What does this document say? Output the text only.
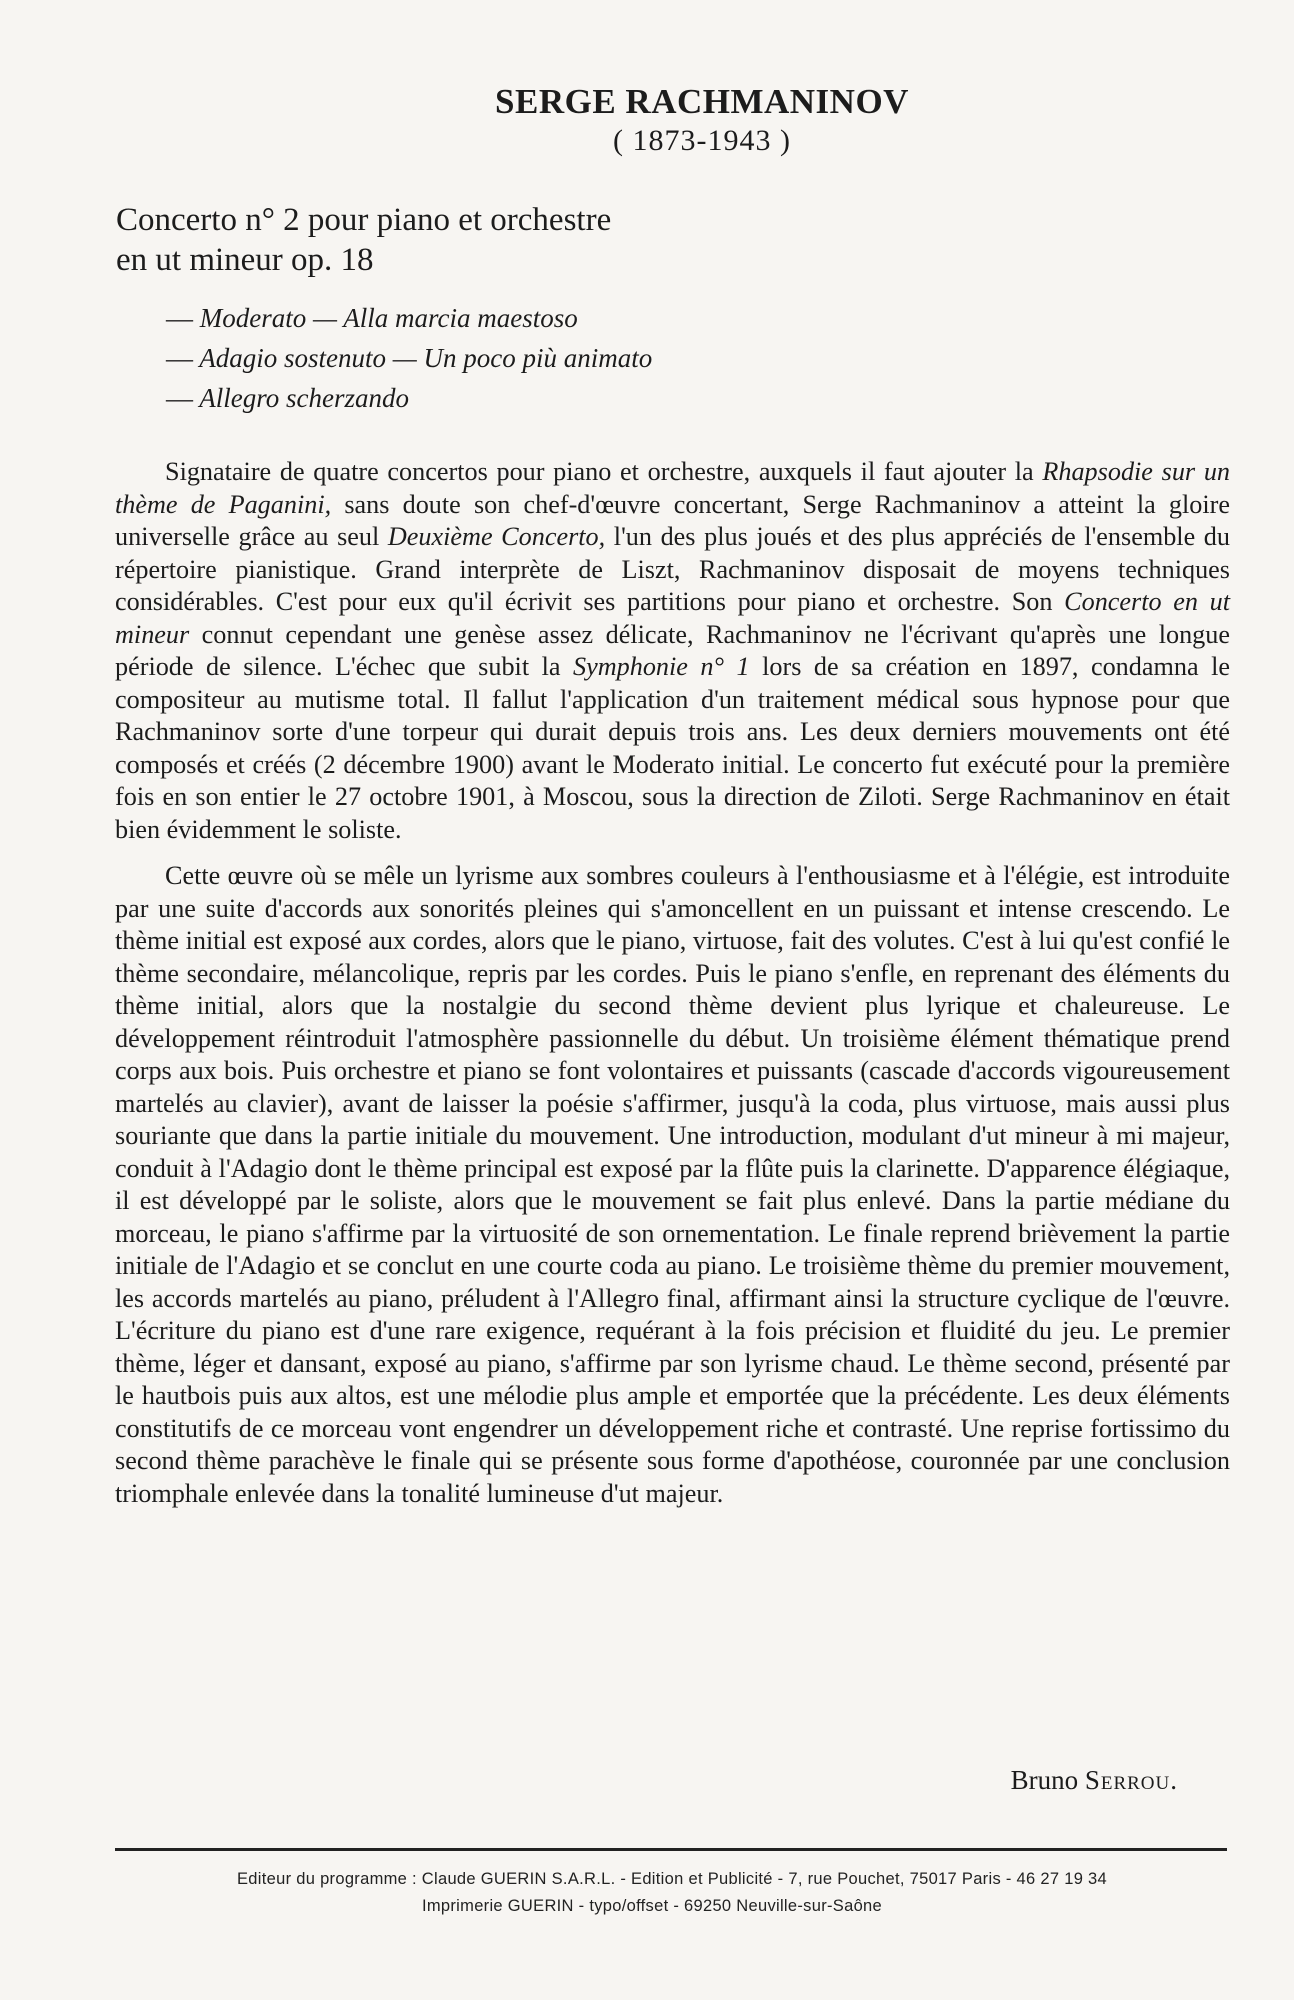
SERGE RACHMANINOV
( 1873-1943 )
Concerto n° 2 pour piano et orchestre
en ut mineur op. 18
— Moderato — Alla marcia maestoso
— Adagio sostenuto — Un poco più animato
— Allegro scherzando

Signataire de quatre concertos pour piano et orchestre, auxquels il faut ajouter la Rhapsodie sur un thème de Paganini, sans doute son chef-d'œuvre concertant, Serge Rachmaninov a atteint la gloire universelle grâce au seul Deuxième Concerto, l'un des plus joués et des plus appréciés de l'ensemble du répertoire pianistique. Grand interprète de Liszt, Rachmaninov disposait de moyens techniques considérables. C'est pour eux qu'il écrivit ses partitions pour piano et orchestre. Son Concerto en ut mineur connut cependant une genèse assez délicate, Rachmaninov ne l'écrivant qu'après une longue période de silence. L'échec que subit la Symphonie n° 1 lors de sa création en 1897, condamna le compositeur au mutisme total. Il fallut l'application d'un traitement médical sous hypnose pour que Rachmaninov sorte d'une torpeur qui durait depuis trois ans. Les deux derniers mouvements ont été composés et créés (2 décembre 1900) avant le Moderato initial. Le concerto fut exécuté pour la première fois en son entier le 27 octobre 1901, à Moscou, sous la direction de Ziloti. Serge Rachmaninov en était bien évidemment le soliste.

Cette œuvre où se mêle un lyrisme aux sombres couleurs à l'enthousiasme et à l'élégie, est introduite par une suite d'accords aux sonorités pleines qui s'amoncellent en un puissant et intense crescendo. Le thème initial est exposé aux cordes, alors que le piano, virtuose, fait des volutes. C'est à lui qu'est confié le thème secondaire, mélancolique, repris par les cordes. Puis le piano s'enfle, en reprenant des éléments du thème initial, alors que la nostalgie du second thème devient plus lyrique et chaleureuse. Le développement réintroduit l'atmosphère passionnelle du début. Un troisième élément thématique prend corps aux bois. Puis orchestre et piano se font volontaires et puissants (cascade d'accords vigoureusement martelés au clavier), avant de laisser la poésie s'affirmer, jusqu'à la coda, plus virtuose, mais aussi plus souriante que dans la partie initiale du mouvement. Une introduction, modulant d'ut mineur à mi majeur, conduit à l'Adagio dont le thème principal est exposé par la flûte puis la clarinette. D'apparence élégiaque, il est développé par le soliste, alors que le mouvement se fait plus enlevé. Dans la partie médiane du morceau, le piano s'affirme par la virtuosité de son ornementation. Le finale reprend brièvement la partie initiale de l'Adagio et se conclut en une courte coda au piano. Le troisième thème du premier mouvement, les accords martelés au piano, préludent à l'Allegro final, affirmant ainsi la structure cyclique de l'œuvre. L'écriture du piano est d'une rare exigence, requérant à la fois précision et fluidité du jeu. Le premier thème, léger et dansant, exposé au piano, s'affirme par son lyrisme chaud. Le thème second, présenté par le hautbois puis aux altos, est une mélodie plus ample et emportée que la précédente. Les deux éléments constitutifs de ce morceau vont engendrer un développement riche et contrasté. Une reprise fortissimo du second thème parachève le finale qui se présente sous forme d'apothéose, couronnée par une conclusion triomphale enlevée dans la tonalité lumineuse d'ut majeur.

Bruno Serrou.
Editeur du programme : Claude GUERIN S.A.R.L. - Edition et Publicité - 7, rue Pouchet, 75017 Paris - 46 27 19 34
Imprimerie GUERIN - typo/offset - 69250 Neuville-sur-Saône
